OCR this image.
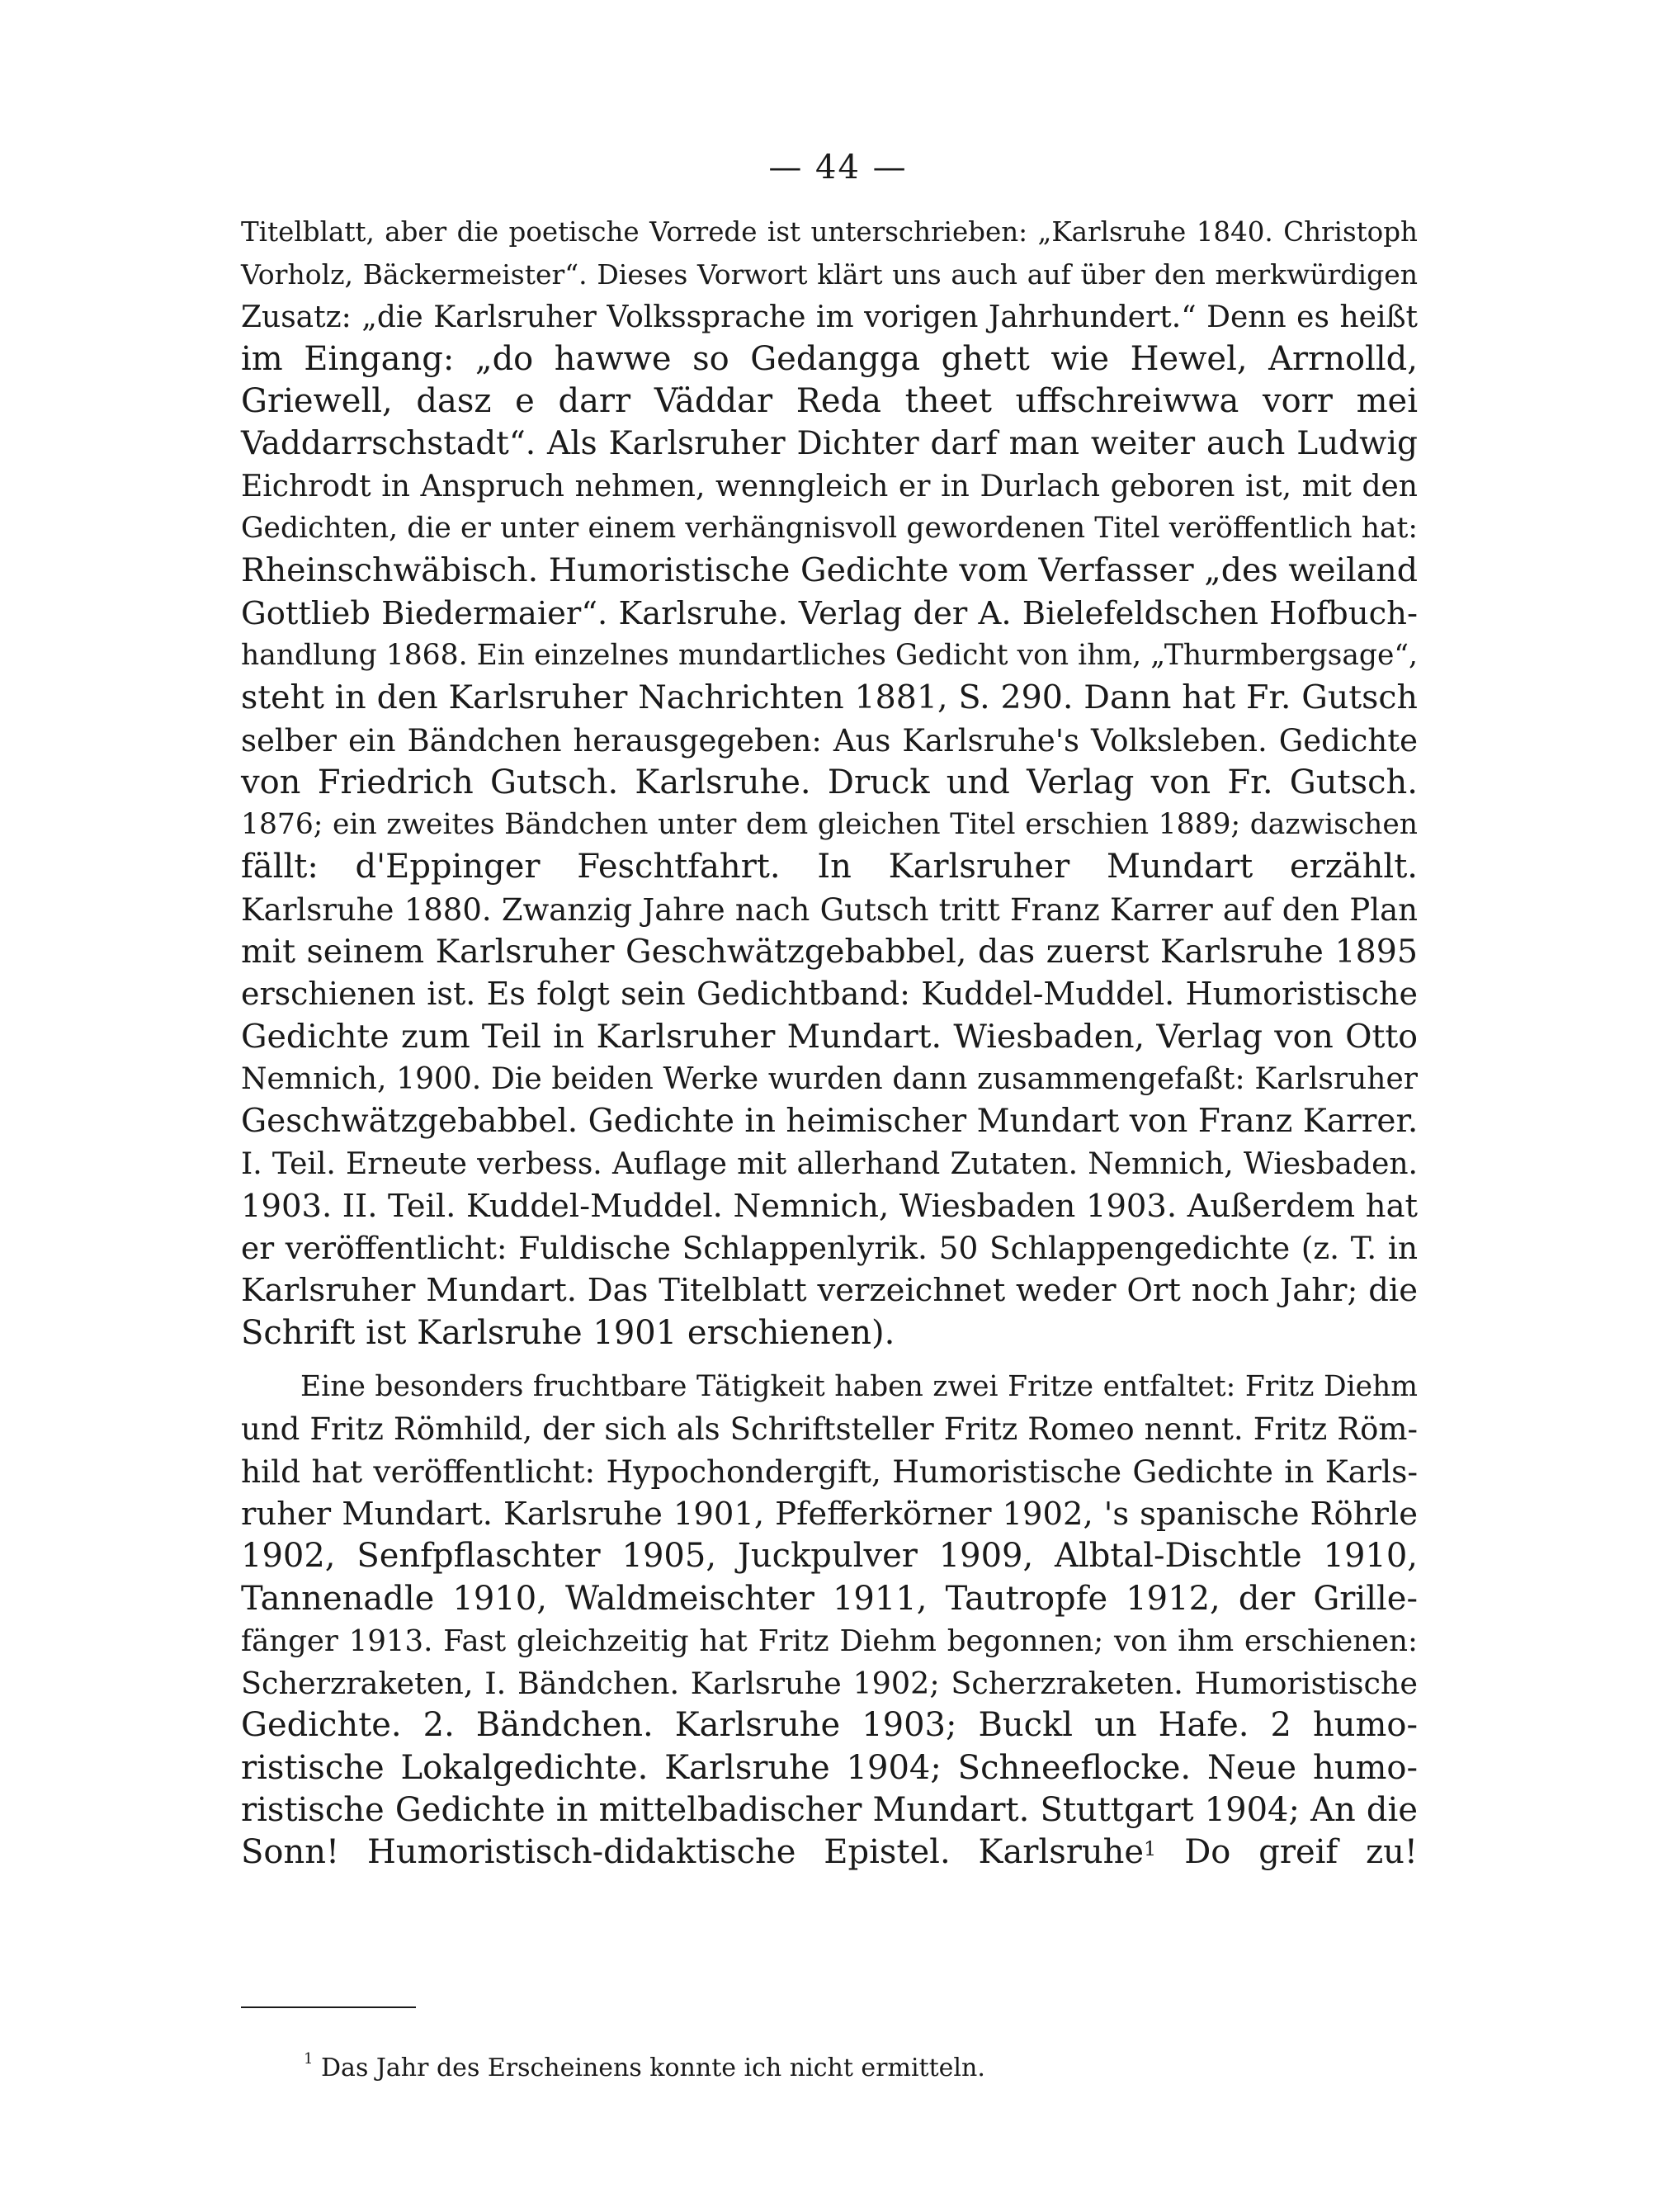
— 44 —
Titelblatt, aber die poetische Vorrede ist unterschrieben: „Karlsruhe 1840. Christoph
Vorholz, Bäckermeister“. Dieses Vorwort klärt uns auch auf über den merkwürdigen
Zusatz: „die Karlsruher Volkssprache im vorigen Jahrhundert.“ Denn es heißt
im Eingang: „do hawwe so Gedangga ghett wie Hewel, Arrnolld,
Griewell, dasz e darr Väddar Reda theet uffschreiwwa vorr mei
Vaddarrschstadt“. Als Karlsruher Dichter darf man weiter auch Ludwig
Eichrodt in Anspruch nehmen, wenngleich er in Durlach geboren ist, mit den
Gedichten, die er unter einem verhängnisvoll gewordenen Titel veröffentlich hat:
Rheinschwäbisch. Humoristische Gedichte vom Verfasser „des weiland
Gottlieb Biedermaier“. Karlsruhe. Verlag der A. Bielefeldschen Hofbuch-
handlung 1868. Ein einzelnes mundartliches Gedicht von ihm, „Thurmbergsage“,
steht in den Karlsruher Nachrichten 1881, S. 290. Dann hat Fr. Gutsch
selber ein Bändchen herausgegeben: Aus Karlsruhe's Volksleben. Gedichte
von Friedrich Gutsch. Karlsruhe. Druck und Verlag von Fr. Gutsch.
1876; ein zweites Bändchen unter dem gleichen Titel erschien 1889; dazwischen
fällt: d'Eppinger Feschtfahrt. In Karlsruher Mundart erzählt.
Karlsruhe 1880. Zwanzig Jahre nach Gutsch tritt Franz Karrer auf den Plan
mit seinem Karlsruher Geschwätzgebabbel, das zuerst Karlsruhe 1895
erschienen ist. Es folgt sein Gedichtband: Kuddel-Muddel. Humoristische
Gedichte zum Teil in Karlsruher Mundart. Wiesbaden, Verlag von Otto
Nemnich, 1900. Die beiden Werke wurden dann zusammengefaßt: Karlsruher
Geschwätzgebabbel. Gedichte in heimischer Mundart von Franz Karrer.
I. Teil. Erneute verbess. Auflage mit allerhand Zutaten. Nemnich, Wiesbaden.
1903. II. Teil. Kuddel-Muddel. Nemnich, Wiesbaden 1903. Außerdem hat
er veröffentlicht: Fuldische Schlappenlyrik. 50 Schlappengedichte (z. T. in
Karlsruher Mundart. Das Titelblatt verzeichnet weder Ort noch Jahr; die
Schrift ist Karlsruhe 1901 erschienen).
Eine besonders fruchtbare Tätigkeit haben zwei Fritze entfaltet: Fritz Diehm
und Fritz Römhild, der sich als Schriftsteller Fritz Romeo nennt. Fritz Röm-
hild hat veröffentlicht: Hypochondergift, Humoristische Gedichte in Karls-
ruher Mundart. Karlsruhe 1901, Pfefferkörner 1902, 's spanische Röhrle
1902, Senfpflaschter 1905, Juckpulver 1909, Albtal-Dischtle 1910,
Tannenadle 1910, Waldmeischter 1911, Tautropfe 1912, der Grille-
fänger 1913. Fast gleichzeitig hat Fritz Diehm begonnen; von ihm erschienen:
Scherzraketen, I. Bändchen. Karlsruhe 1902; Scherzraketen. Humoristische
Gedichte. 2. Bändchen. Karlsruhe 1903; Buckl un Hafe. 2 humo-
ristische Lokalgedichte. Karlsruhe 1904; Schneeflocke. Neue humo-
ristische Gedichte in mittelbadischer Mundart. Stuttgart 1904; An die
Sonn! Humoristisch-didaktische Epistel. Karlsruhe$^1$ Do greif zu!
$^1$ Das Jahr des Erscheinens konnte ich nicht ermitteln.
